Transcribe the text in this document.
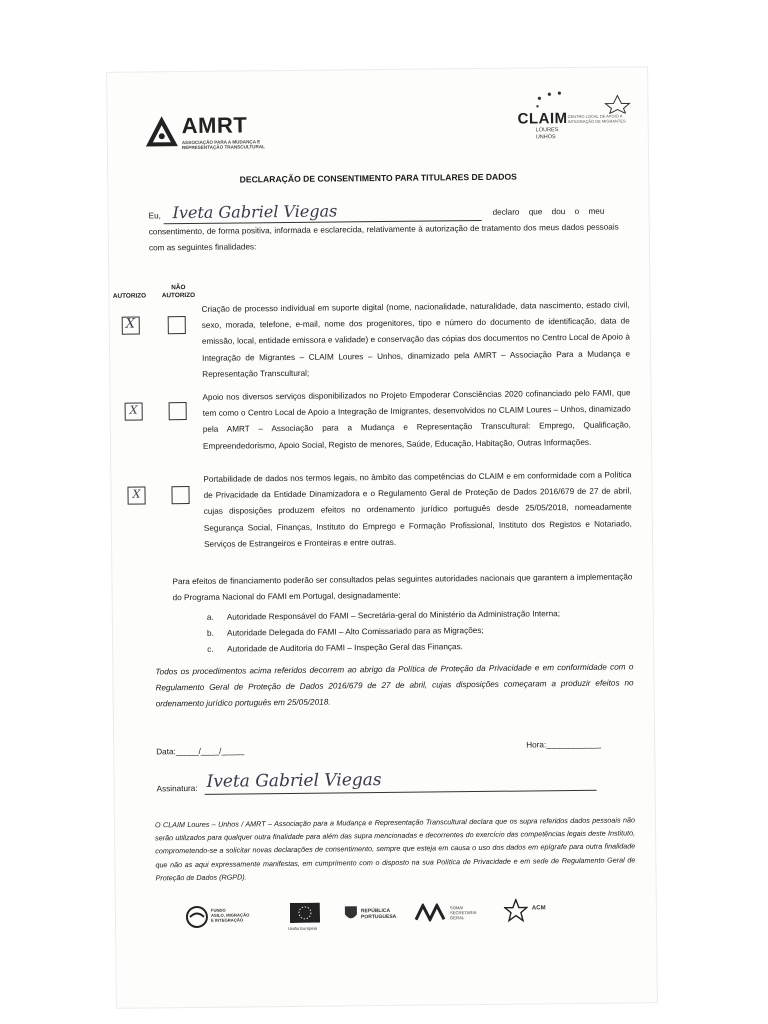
AMRT
ASSOCIAÇÃO PARA A MUDANÇA E REPRESENTAÇÃO TRANSCULTURAL
CLAIM
LOURES
UNHOS
CENTRO LOCAL DE APOIO À INTEGRAÇÃO DE MIGRANTES
DECLARAÇÃO DE CONSENTIMENTO PARA TITULARES DE DADOS
Eu, Iveta Gabriel Viegas	declaro que dou o meu
consentimento, de forma positiva, informada e esclarecida, relativamente à autorização de tratamento dos meus dados pessoais com as seguintes finalidades:
AUTORIZO
NÃO
AUTORIZO
X
Criação de processo individual em suporte digital (nome, nacionalidade, naturalidade, data nascimento, estado civil, sexo, morada, telefone, e-mail, nome dos progenitores, tipo e número do documento de identificação, data de emissão, local, entidade emissora e validade) e conservação das cópias dos documentos no Centro Local de Apoio à Integração de Migrantes – CLAIM Loures – Unhos, dinamizado pela AMRT – Associação Para a Mudança e Representação Transcultural;
X
Apoio nos diversos serviços disponibilizados no Projeto Empoderar Consciências 2020 cofinanciado pelo FAMI, que tem como o Centro Local de Apoio a Integração de Imigrantes, desenvolvidos no CLAIM Loures – Unhos, dinamizado pela AMRT – Associação para a Mudança e Representação Transcultural: Emprego, Qualificação, Empreendedorismo, Apoio Social, Registo de menores, Saúde, Educação, Habitação, Outras Informações.
X
Portabilidade de dados nos termos legais, no âmbito das competências do CLAIM e em conformidade com a Política de Privacidade da Entidade Dinamizadora e o Regulamento Geral de Proteção de Dados 2016/679 de 27 de abril, cujas disposições produzem efeitos no ordenamento jurídico português desde 25/05/2018, nomeadamente Segurança Social, Finanças, Instituto do Emprego e Formação Profissional, Instituto dos Registos e Notariado, Serviços de Estrangeiros e Fronteiras e entre outras.
Para efeitos de financiamento poderão ser consultados pelas seguintes autoridades nacionais que garantem a implementação do Programa Nacional do FAMI em Portugal, designadamente:
a. Autoridade Responsável do FAMI – Secretária-geral do Ministério da Administração Interna;
b. Autoridade Delegada do FAMI – Alto Comissariado para as Migrações;
c. Autoridade de Auditoria do FAMI – Inspeção Geral das Finanças.
Todos os procedimentos acima referidos decorrem ao abrigo da Política de Proteção da Privacidade e em conformidade com o Regulamento Geral de Proteção de Dados 2016/679 de 27 de abril, cujas disposições começaram a produzir efeitos no ordenamento jurídico português em 25/05/2018.
Data:_____/____/_____
Hora:____________
Assinatura: Iveta Gabriel Viegas
O CLAIM Loures – Unhos / AMRT – Associação para a Mudança e Representação Transcultural declara que os supra referidos dados pessoais não serão utilizados para qualquer outra finalidade para além das supra mencionadas e decorrentes do exercício das competências legais deste Instituto, comprometendo-se a solicitar novas declarações de consentimento, sempre que esteja em causa o uso dos dados em epígrafe para outra finalidade que não as aqui expressamente manifestas, em cumprimento com o disposto na sua Política de Privacidade e em sede de Regulamento Geral de Proteção de Dados (RGPD).
FUNDO
ASILO, MIGRAÇÃO
E INTEGRAÇÃO
União Europeia
REPÚBLICA
PORTUGUESA
SOMAI
SECRETARIA
GERAL
ACM
